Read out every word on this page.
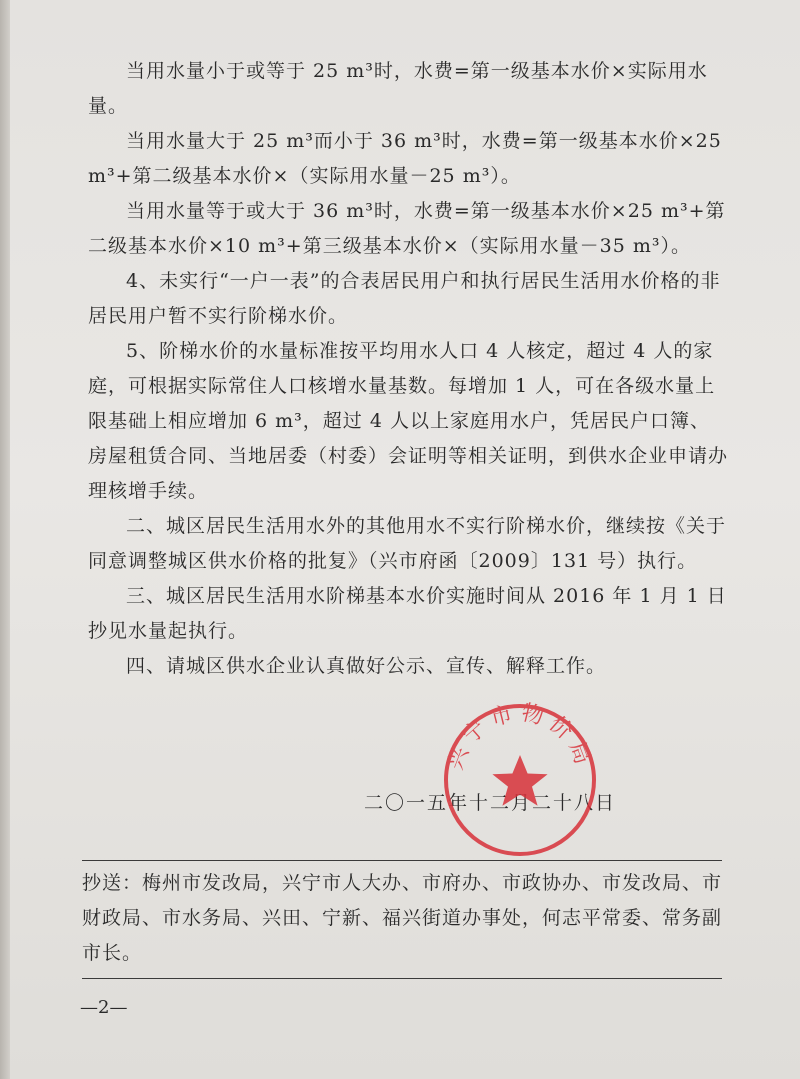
当用水量小于或等于 25 m³时，水费=第一级基本水价×实际用水量。

当用水量大于 25 m³而小于 36 m³时，水费=第一级基本水价×25 m³+第二级基本水价×（实际用水量－25 m³）。

当用水量等于或大于 36 m³时，水费=第一级基本水价×25 m³+第二级基本水价×10 m³+第三级基本水价×（实际用水量－35 m³）。

4、未实行“一户一表”的合表居民用户和执行居民生活用水价格的非居民用户暂不实行阶梯水价。

5、阶梯水价的水量标准按平均用水人口 4 人核定，超过 4 人的家庭，可根据实际常住人口核增水量基数。每增加 1 人，可在各级水量上限基础上相应增加 6 m³，超过 4 人以上家庭用水户，凭居民户口簿、房屋租赁合同、当地居委（村委）会证明等相关证明，到供水企业申请办理核增手续。

二、城区居民生活用水外的其他用水不实行阶梯水价，继续按《关于同意调整城区供水价格的批复》（兴市府函〔2009〕131 号）执行。

三、城区居民生活用水阶梯基本水价实施时间从 2016 年 1 月 1 日抄见水量起执行。

四、请城区供水企业认真做好公示、宣传、解释工作。

二〇一五年十二月二十八日
兴宁市物价局
抄送：梅州市发改局，兴宁市人大办、市府办、市政协办、市发改局、市财政局、市水务局、兴田、宁新、福兴街道办事处，何志平常委、常务副市长。
—2—
